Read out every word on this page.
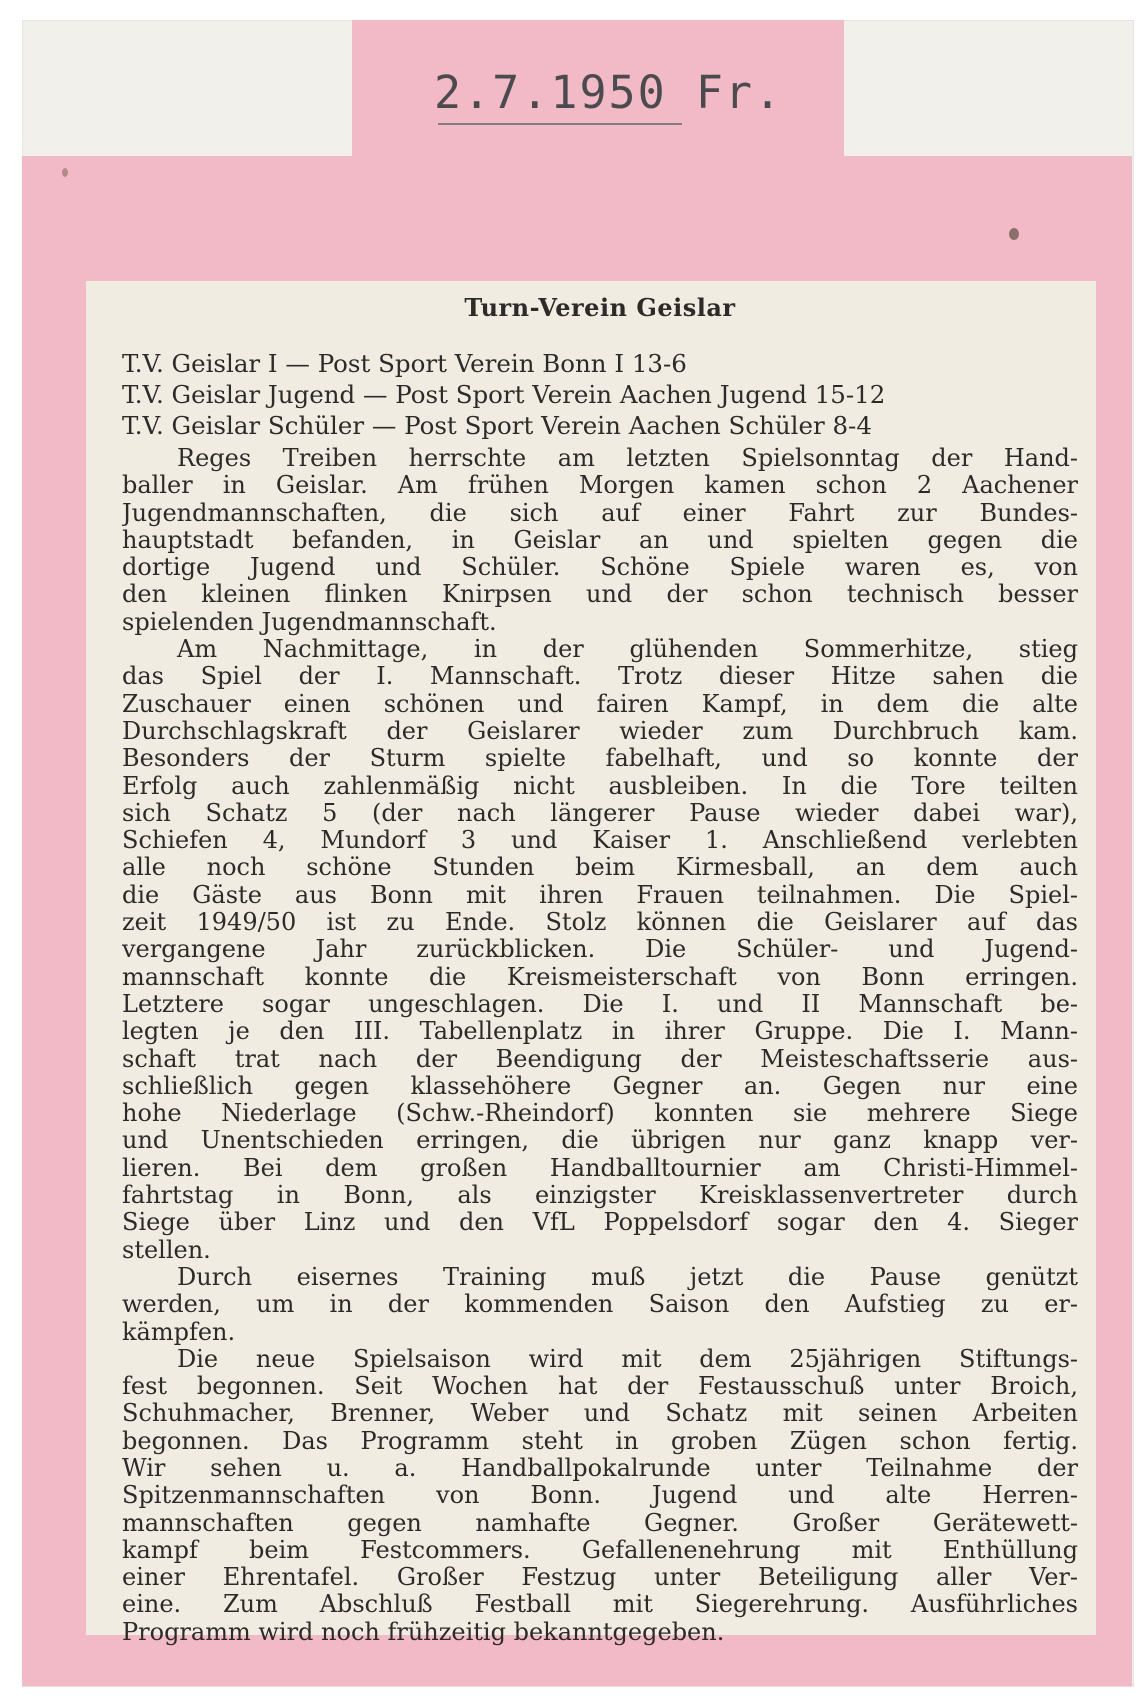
2.7.1950 Fr.
Turn-Verein Geislar
T.V. Geislar I — Post Sport Verein Bonn I 13-6
T.V. Geislar Jugend — Post Sport Verein Aachen Jugend 15-12
T.V. Geislar Schüler — Post Sport Verein Aachen Schüler 8-4
Reges Treiben herrschte am letzten Spielsonntag der Hand-
baller in Geislar. Am frühen Morgen kamen schon 2 Aachener
Jugendmannschaften, die sich auf einer Fahrt zur Bundes-
hauptstadt befanden, in Geislar an und spielten gegen die
dortige Jugend und Schüler. Schöne Spiele waren es, von
den kleinen flinken Knirpsen und der schon technisch besser
spielenden Jugendmannschaft.
Am Nachmittage, in der glühenden Sommerhitze, stieg
das Spiel der I. Mannschaft. Trotz dieser Hitze sahen die
Zuschauer einen schönen und fairen Kampf, in dem die alte
Durchschlagskraft der Geislarer wieder zum Durchbruch kam.
Besonders der Sturm spielte fabelhaft, und so konnte der
Erfolg auch zahlenmäßig nicht ausbleiben. In die Tore teilten
sich Schatz 5 (der nach längerer Pause wieder dabei war),
Schiefen 4, Mundorf 3 und Kaiser 1. Anschließend verlebten
alle noch schöne Stunden beim Kirmesball, an dem auch
die Gäste aus Bonn mit ihren Frauen teilnahmen. Die Spiel-
zeit 1949/50 ist zu Ende. Stolz können die Geislarer auf das
vergangene Jahr zurückblicken. Die Schüler- und Jugend-
mannschaft konnte die Kreismeisterschaft von Bonn erringen.
Letztere sogar ungeschlagen. Die I. und II Mannschaft be-
legten je den III. Tabellenplatz in ihrer Gruppe. Die I. Mann-
schaft trat nach der Beendigung der Meisteschaftsserie aus-
schließlich gegen klassehöhere Gegner an. Gegen nur eine
hohe Niederlage (Schw.-Rheindorf) konnten sie mehrere Siege
und Unentschieden erringen, die übrigen nur ganz knapp ver-
lieren. Bei dem großen Handballtournier am Christi-Himmel-
fahrtstag in Bonn, als einzigster Kreisklassenvertreter durch
Siege über Linz und den VfL Poppelsdorf sogar den 4. Sieger
stellen.
Durch eisernes Training muß jetzt die Pause genützt
werden, um in der kommenden Saison den Aufstieg zu er-
kämpfen.
Die neue Spielsaison wird mit dem 25jährigen Stiftungs-
fest begonnen. Seit Wochen hat der Festausschuß unter Broich,
Schuhmacher, Brenner, Weber und Schatz mit seinen Arbeiten
begonnen. Das Programm steht in groben Zügen schon fertig.
Wir sehen u. a. Handballpokalrunde unter Teilnahme der
Spitzenmannschaften von Bonn. Jugend und alte Herren-
mannschaften gegen namhafte Gegner. Großer Gerätewett-
kampf beim Festcommers. Gefallenenehrung mit Enthüllung
einer Ehrentafel. Großer Festzug unter Beteiligung aller Ver-
eine. Zum Abschluß Festball mit Siegerehrung. Ausführliches
Programm wird noch frühzeitig bekanntgegeben.
